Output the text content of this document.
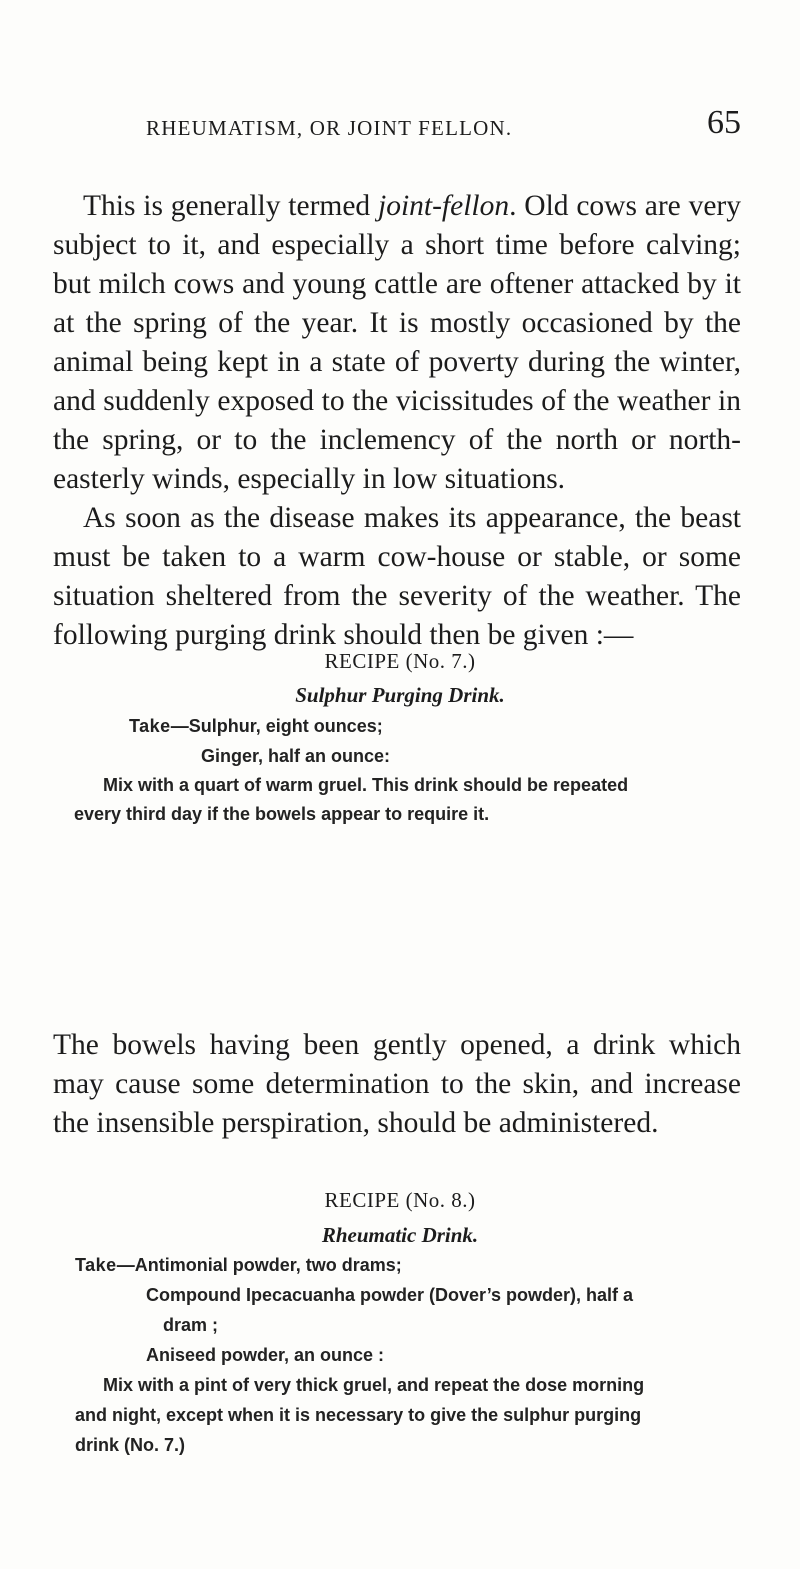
RHEUMATISM, OR JOINT FELLON.	65

This is generally termed joint-fellon. Old cows are very subject to it, and especially a short time before calving; but milch cows and young cattle are oftener attacked by it at the spring of the year. It is mostly occasioned by the animal being kept in a state of poverty during the winter, and suddenly exposed to the vicissitudes of the weather in the spring, or to the inclemency of the north or north-easterly winds, especially in low situations.

As soon as the disease makes its appearance, the beast must be taken to a warm cow-house or stable, or some situation sheltered from the severity of the weather. The following purging drink should then be given :—

RECIPE (No. 7.)

Sulphur Purging Drink.

Take—Sulphur, eight ounces;

Ginger, half an ounce:

Mix with a quart of warm gruel. This drink should be repeated

every third day if the bowels appear to require it.

The bowels having been gently opened, a drink which may cause some determination to the skin, and increase the insensible perspiration, should be administered.

RECIPE (No. 8.)

Rheumatic Drink.

Take—Antimonial powder, two drams;

Compound Ipecacuanha powder (Dover’s powder), half a

dram ;

Aniseed powder, an ounce :

Mix with a pint of very thick gruel, and repeat the dose morning

and night, except when it is necessary to give the sulphur purging

drink (No. 7.)
